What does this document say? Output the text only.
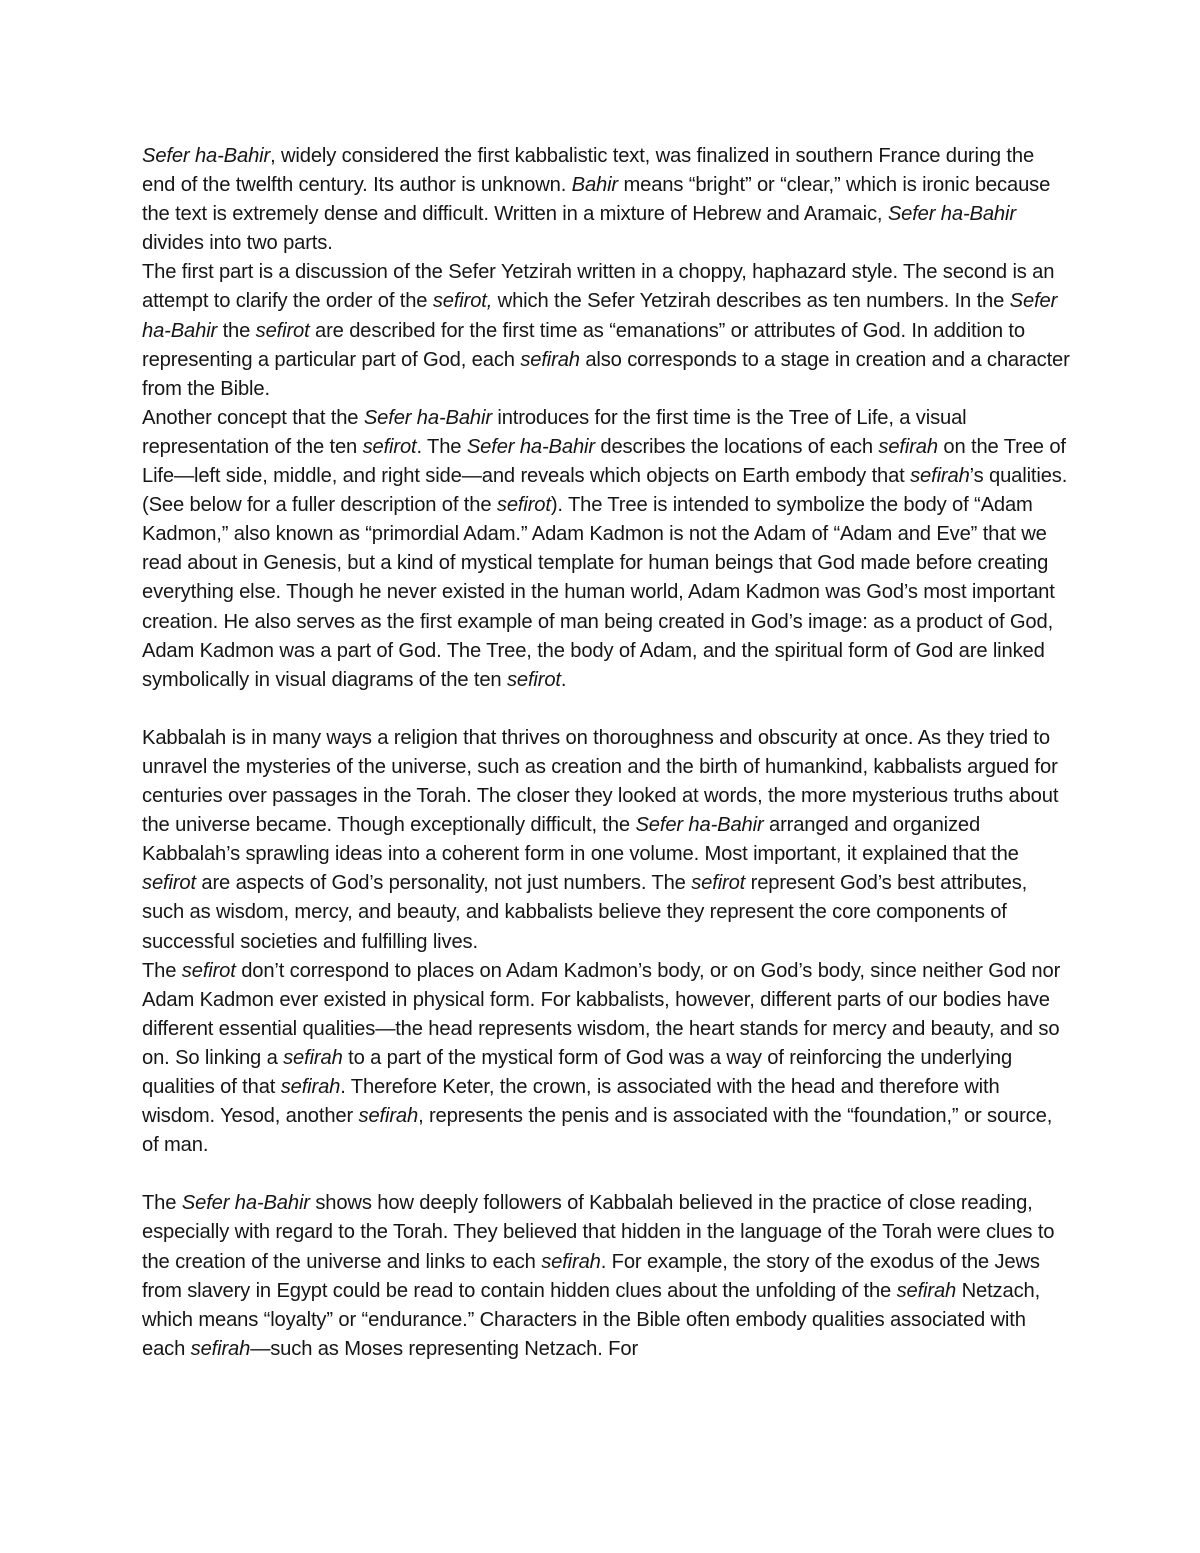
Sefer ha-Bahir, widely considered the first kabbalistic text, was finalized in southern France during the end of the twelfth century. Its author is unknown. Bahir means “bright” or “clear,” which is ironic because the text is extremely dense and difficult. Written in a mixture of Hebrew and Aramaic, Sefer ha-Bahir divides into two parts.

The first part is a discussion of the Sefer Yetzirah written in a choppy, haphazard style. The second is an attempt to clarify the order of the sefirot, which the Sefer Yetzirah describes as ten numbers. In the Sefer ha-Bahir the sefirot are described for the first time as “emanations” or attributes of God. In addition to representing a particular part of God, each sefirah also corresponds to a stage in creation and a character from the Bible.

Another concept that the Sefer ha-Bahir introduces for the first time is the Tree of Life, a visual representation of the ten sefirot. The Sefer ha-Bahir describes the locations of each sefirah on the Tree of Life—left side, middle, and right side—and reveals which objects on Earth embody that sefirah’s qualities. (See below for a fuller description of the sefirot). The Tree is intended to symbolize the body of “Adam Kadmon,” also known as “primordial Adam.” Adam Kadmon is not the Adam of “Adam and Eve” that we read about in Genesis, but a kind of mystical template for human beings that God made before creating everything else. Though he never existed in the human world, Adam Kadmon was God’s most important creation. He also serves as the first example of man being created in God’s image: as a product of God, Adam Kadmon was a part of God. The Tree, the body of Adam, and the spiritual form of God are linked symbolically in visual diagrams of the ten sefirot.

Kabbalah is in many ways a religion that thrives on thoroughness and obscurity at once. As they tried to unravel the mysteries of the universe, such as creation and the birth of humankind, kabbalists argued for centuries over passages in the Torah. The closer they looked at words, the more mysterious truths about the universe became. Though exceptionally difficult, the Sefer ha-Bahir arranged and organized Kabbalah’s sprawling ideas into a coherent form in one volume. Most important, it explained that the sefirot are aspects of God’s personality, not just numbers. The sefirot represent God’s best attributes, such as wisdom, mercy, and beauty, and kabbalists believe they represent the core components of successful societies and fulfilling lives.

The sefirot don’t correspond to places on Adam Kadmon’s body, or on God’s body, since neither God nor Adam Kadmon ever existed in physical form. For kabbalists, however, different parts of our bodies have different essential qualities—the head represents wisdom, the heart stands for mercy and beauty, and so on. So linking a sefirah to a part of the mystical form of God was a way of reinforcing the underlying qualities of that sefirah. Therefore Keter, the crown, is associated with the head and therefore with wisdom. Yesod, another sefirah, represents the penis and is associated with the “foundation,” or source, of man.

The Sefer ha-Bahir shows how deeply followers of Kabbalah believed in the practice of close reading, especially with regard to the Torah. They believed that hidden in the language of the Torah were clues to the creation of the universe and links to each sefirah. For example, the story of the exodus of the Jews from slavery in Egypt could be read to contain hidden clues about the unfolding of the sefirah Netzach, which means “loyalty” or “endurance.” Characters in the Bible often embody qualities associated with each sefirah—such as Moses representing Netzach. For
